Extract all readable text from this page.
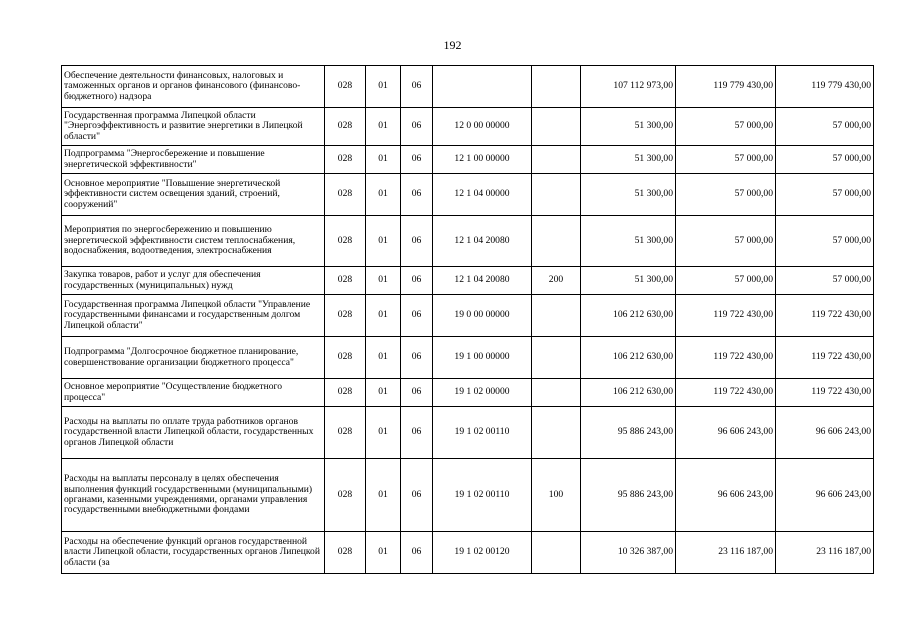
192
Обеспечение деятельности финансовых, налоговых и таможенных органов и органов финансового (финансово-бюджетного) надзора	028	01	06			107 112 973,00	119 779 430,00	119 779 430,00
Государственная программа Липецкой области "Энергоэффективность и развитие энергетики в Липецкой области"	028	01	06	12 0 00 00000		51 300,00	57 000,00	57 000,00
Подпрограмма "Энергосбережение и повышение энергетической эффективности"	028	01	06	12 1 00 00000		51 300,00	57 000,00	57 000,00
Основное мероприятие "Повышение энергетической эффективности систем освещения зданий, строений, сооружений"	028	01	06	12 1 04 00000		51 300,00	57 000,00	57 000,00
Мероприятия по энергосбережению и повышению энергетической эффективности систем теплоснабжения, водоснабжения, водоотведения, электроснабжения	028	01	06	12 1 04 20080		51 300,00	57 000,00	57 000,00
Закупка товаров, работ и услуг для обеспечения государственных (муниципальных) нужд	028	01	06	12 1 04 20080	200	51 300,00	57 000,00	57 000,00
Государственная программа Липецкой области "Управление государственными финансами и государственным долгом Липецкой области"	028	01	06	19 0 00 00000		106 212 630,00	119 722 430,00	119 722 430,00
Подпрограмма "Долгосрочное бюджетное планирование, совершенствование организации бюджетного процесса"	028	01	06	19 1 00 00000		106 212 630,00	119 722 430,00	119 722 430,00
Основное мероприятие "Осуществление бюджетного процесса"	028	01	06	19 1 02 00000		106 212 630,00	119 722 430,00	119 722 430,00
Расходы на выплаты по оплате труда работников органов государственной власти Липецкой области, государственных органов Липецкой области	028	01	06	19 1 02 00110		95 886 243,00	96 606 243,00	96 606 243,00
Расходы на выплаты персоналу в целях обеспечения выполнения функций государственными (муниципальными) органами, казенными учреждениями, органами управления государственными внебюджетными фондами	028	01	06	19 1 02 00110	100	95 886 243,00	96 606 243,00	96 606 243,00
Расходы на обеспечение функций органов государственной власти Липецкой области, государственных органов Липецкой области (за	028	01	06	19 1 02 00120		10 326 387,00	23 116 187,00	23 116 187,00
